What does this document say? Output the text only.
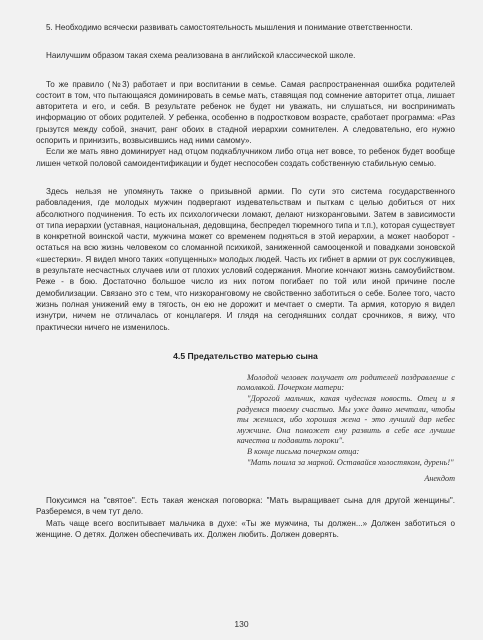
5. Необходимо всячески развивать самостоятельность мышления и понимание ответственности.

Наилучшим образом такая схема реализована в английской классической школе.

То же правило (№3) работает и при воспитании в семье. Самая распространенная ошибка родителей состоит в том, что пытающаяся доминировать в семье мать, ставящая под сомнение авторитет отца, лишает авторитета и его, и себя. В результате ребенок не будет ни уважать, ни слушаться, ни воспринимать информацию от обоих родителей. У ребенка, особенно в подростковом возрасте, сработает программа: «Раз грызутся между собой, значит, ранг обоих в стадной иерархии сомнителен. А следовательно, его нужно оспорить и принизить, возвысившись над ними самому».

Если же мать явно доминирует над отцом подкаблучником либо отца нет вовсе, то ребенок будет вообще лишен четкой половой самоидентификации и будет неспособен создать собственную стабильную семью.

Здесь нельзя не упомянуть также о призывной армии. По сути это система государственного рабовладения, где молодых мужчин подвергают издевательствам и пыткам с целью добиться от них абсолютного подчинения. То есть их психологически ломают, делают низкоранговыми. Затем в зависимости от типа иерархии (уставная, национальная, дедовщина, беспредел тюремного типа и т.п.), которая существует в конкретной воинской части, мужчина может со временем подняться в этой иерархии, а может наоборот - остаться на всю жизнь человеком со сломанной психикой, заниженной самооценкой и повадками зоновской «шестерки». Я видел много таких «опущенных» молодых людей. Часть их гибнет в армии от рук сослуживцев, в результате несчастных случаев или от плохих условий содержания. Многие кончают жизнь самоубийством. Реже - в бою. Достаточно большое число из них потом погибает по той или иной причине после демобилизации. Связано это с тем, что низкоранговому не свойственно заботиться о себе. Более того, часто жизнь полная унижений ему в тягость, он ею не дорожит и мечтает о смерти. Та армия, которую я видел изнутри, ничем не отличалась от концлагеря. И глядя на сегодняшних солдат срочников, я вижу, что практически ничего не изменилось.

4.5 Предательство матерью сына
Молодой человек получает от родителей поздравление с помолвкой. Почерком матери:
"Дорогой мальчик, какая чудесная новость. Отец и я радуемся твоему счастью. Мы уже давно мечтали, чтобы ты женился, ибо хорошая жена - это лучший дар небес мужчине. Она поможет ему развить в себе все лучшие качества и подавить пороки".
В конце письма почерком отца:
"Мать пошла за маркой. Оставайся холостяком, дурень!"
Анекдот

Покусимся на "святое". Есть такая женская поговорка: "Мать выращивает сына для другой женщины". Разберемся, в чем тут дело.

Мать чаще всего воспитывает мальчика в духе: «Ты же мужчина, ты должен...» Должен заботиться о женщине. О детях. Должен обеспечивать их. Должен любить. Должен доверять.

130
